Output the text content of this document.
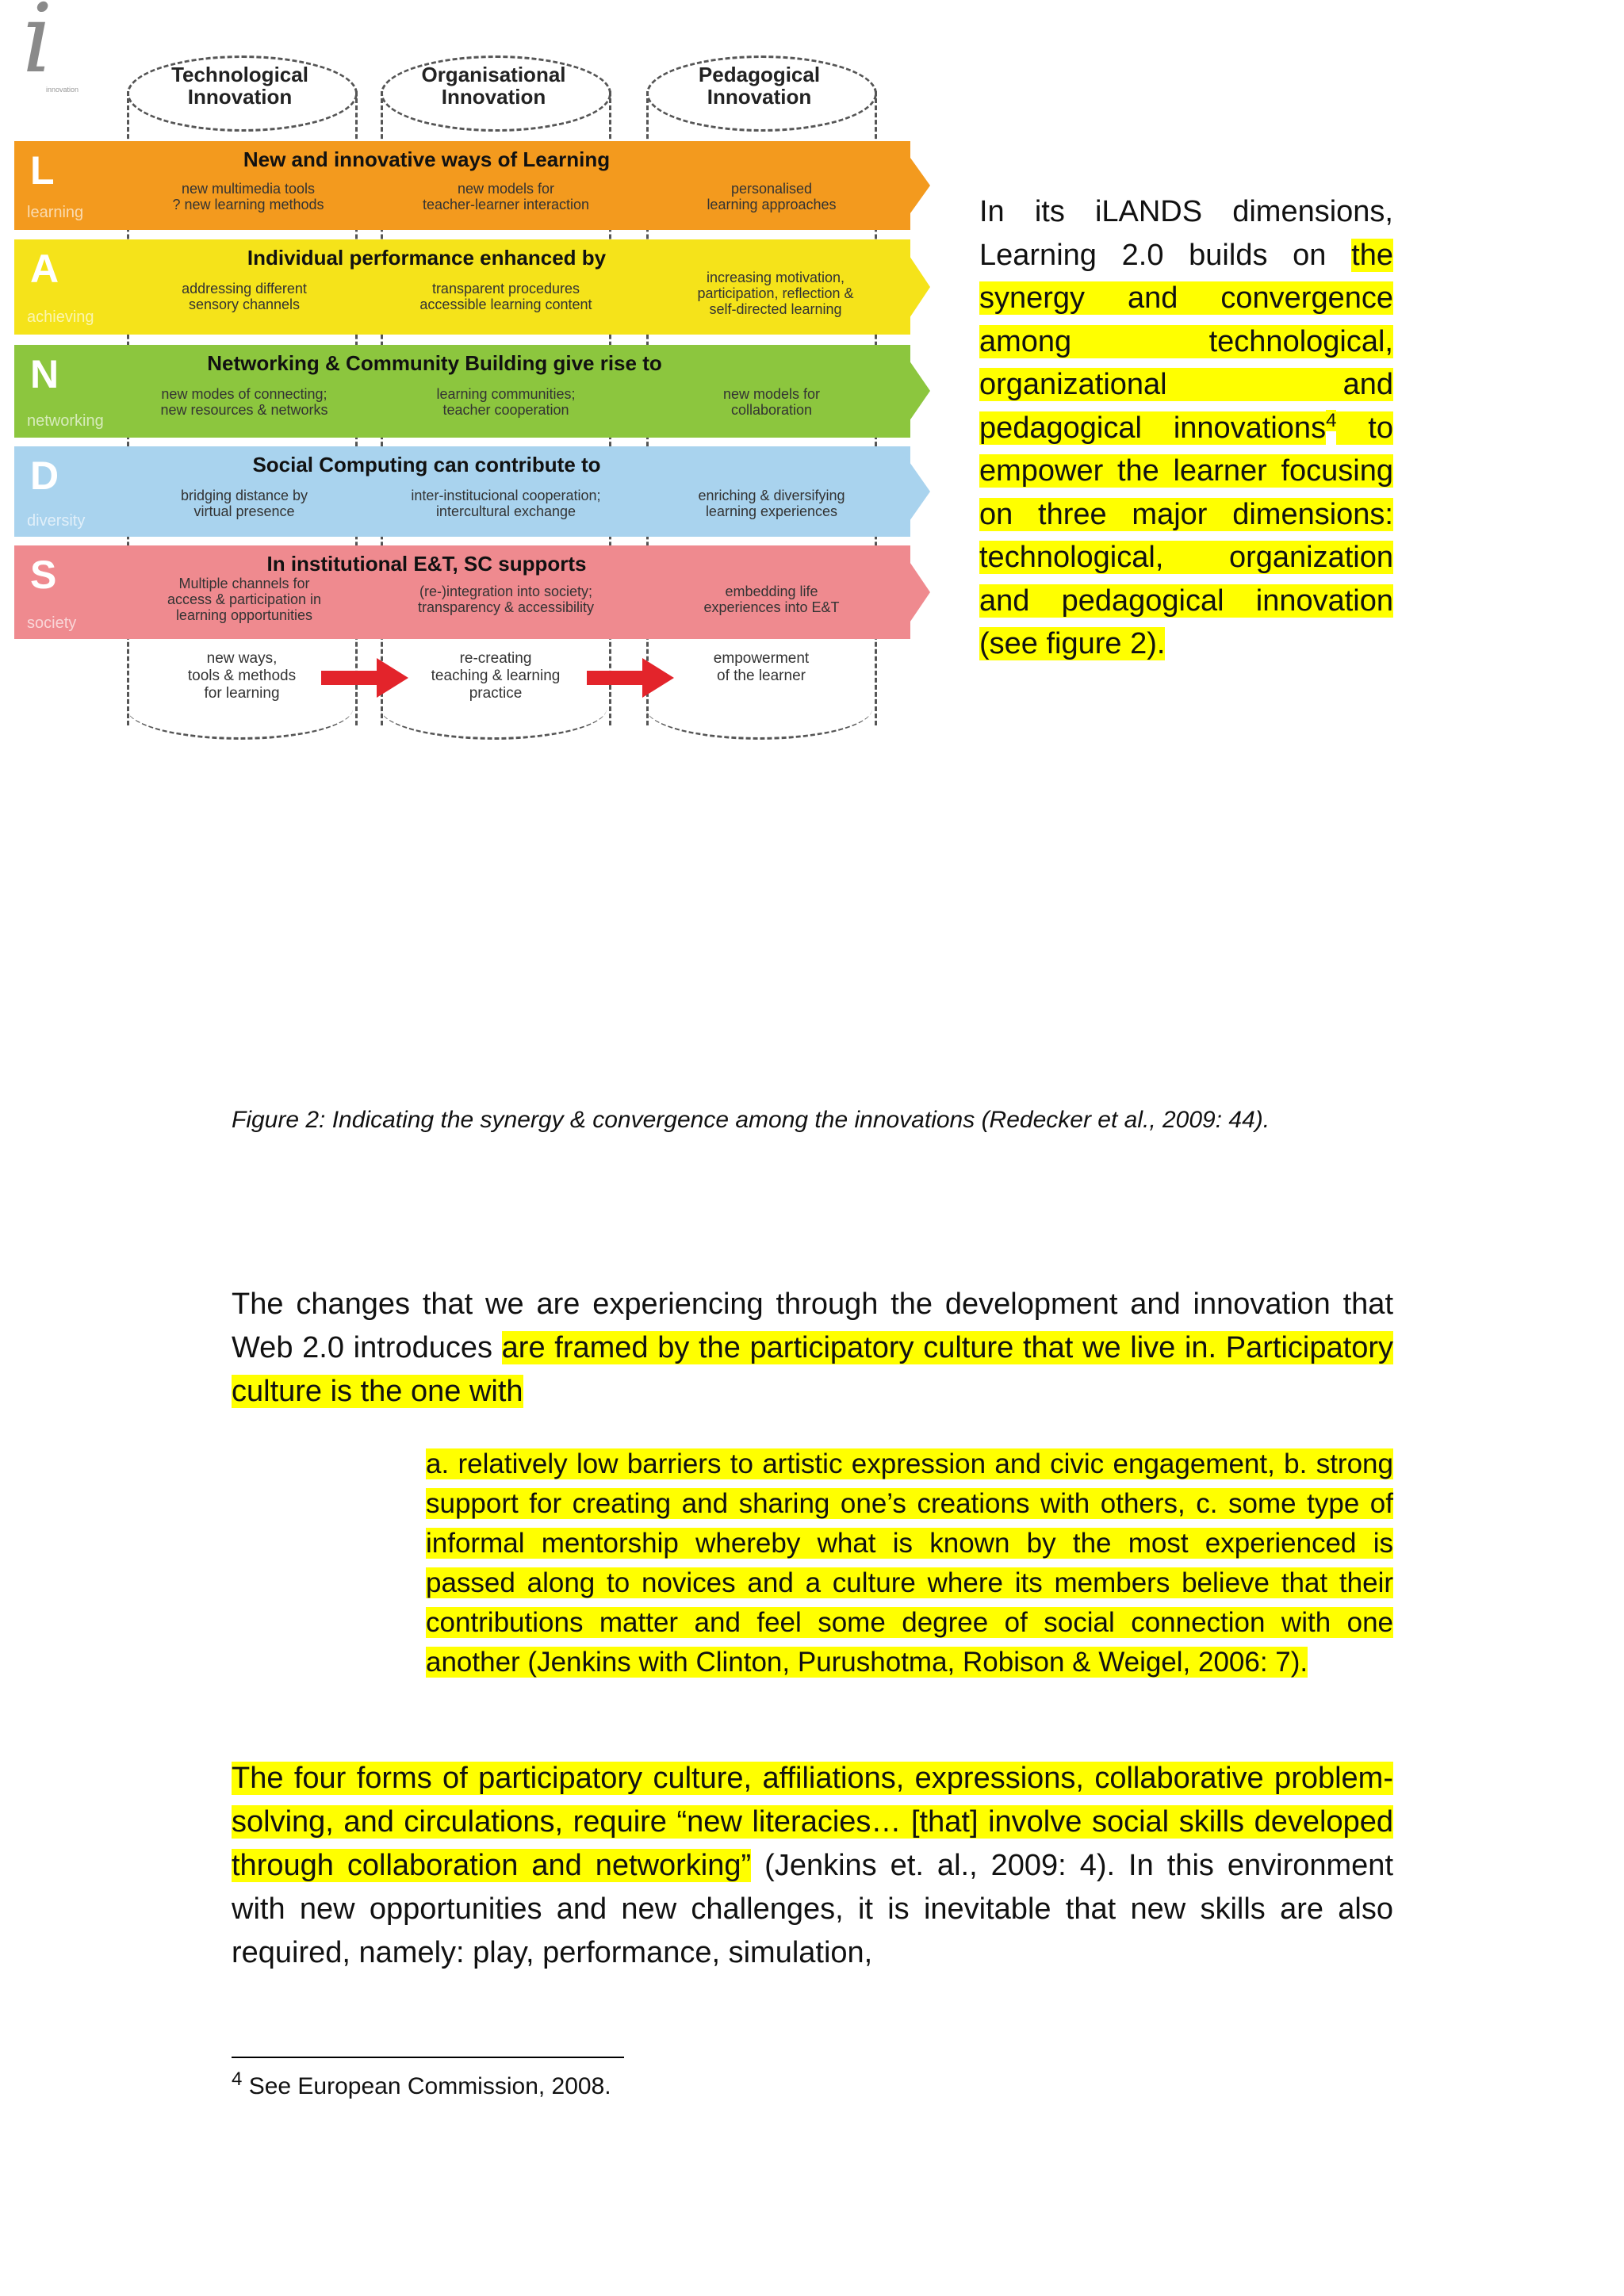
i
innovation
Technological
Innovation
Organisational
Innovation
Pedagogical
Innovation
L
learning
New and innovative ways of Learning
new multimedia tools
? new learning methods
new models for
teacher-learner interaction
personalised
learning approaches
A
achieving
Individual performance enhanced by
addressing different
sensory channels
transparent procedures
accessible learning content
increasing motivation,
participation, reflection &
self-directed learning
N
networking
Networking & Community Building give rise to
new modes of connecting;
new resources & networks
learning communities;
teacher cooperation
new models for
collaboration
D
diversity
Social Computing can contribute to
bridging distance by
virtual presence
inter-institucional cooperation;
intercultural exchange
enriching & diversifying
learning experiences
S
society
In institutional E&T, SC supports
Multiple channels for
access & participation in
learning opportunities
(re-)integration into society;
transparency & accessibility
embedding life
experiences into E&T
new ways,
tools & methods
for learning
re-creating
teaching & learning
practice
empowerment
of the learner
In its iLANDS dimensions, Learning 2.0 builds on the synergy and convergence among technological, organizational and pedagogical innovations$^4$ to empower the learner focusing on three major dimensions: technological, organization and pedagogical innovation (see figure 2).
Figure 2: Indicating the synergy & convergence among the innovations (Redecker et al., 2009: 44).
The changes that we are experiencing through the development and innovation that Web 2.0 introduces are framed by the participatory culture that we live in. Participatory culture is the one with
a. relatively low barriers to artistic expression and civic engagement, b. strong support for creating and sharing one’s creations with others, c. some type of informal mentorship whereby what is known by the most experienced is passed along to novices and a culture where its members believe that their contributions matter and feel some degree of social connection with one another (Jenkins with Clinton, Purushotma, Robison & Weigel, 2006: 7).
The four forms of participatory culture, affiliations, expressions, collaborative problem-solving, and circulations, require “new literacies… [that] involve social skills developed through collaboration and networking” (Jenkins et. al., 2009: 4). In this environment with new opportunities and new challenges, it is inevitable that new skills are also required, namely: play, performance, simulation,
$^4$ See European Commission, 2008.
